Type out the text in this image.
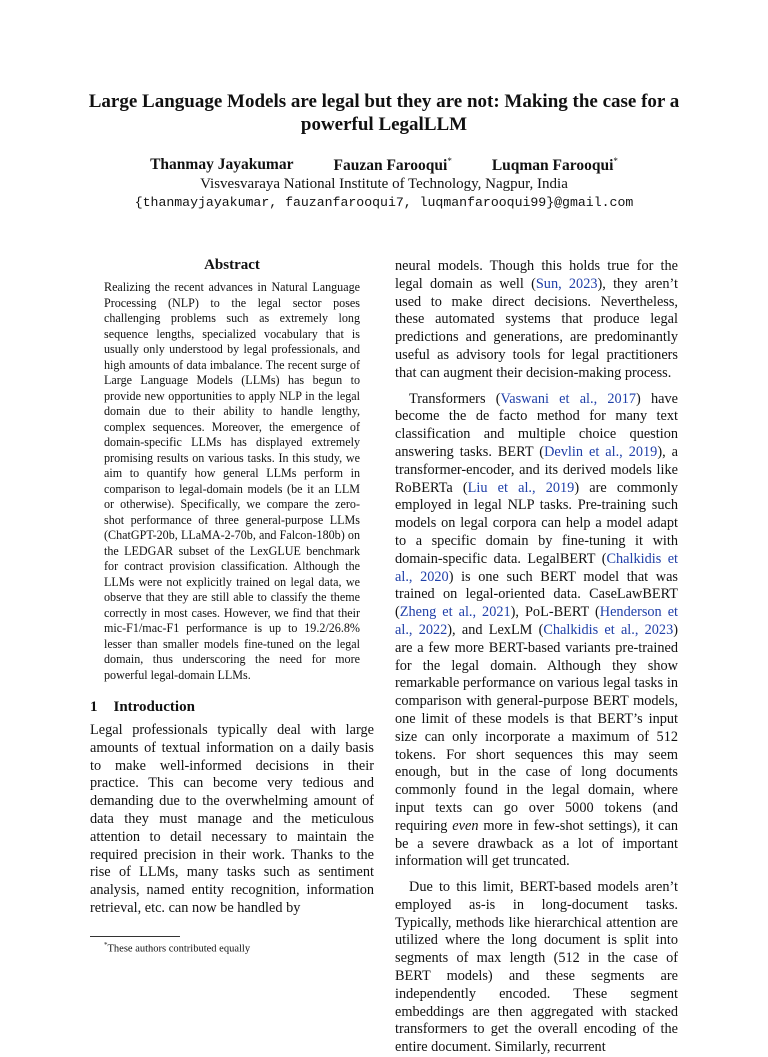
Large Language Models are legal but they are not: Making the case for a powerful LegalLLM
Thanmay Jayakumar	Fauzan Farooqui*	Luqman Farooqui*
Visvesvaraya National Institute of Technology, Nagpur, India
{thanmayjayakumar, fauzanfarooqui7, luqmanfarooqui99}@gmail.com
Abstract
Realizing the recent advances in Natural Language Processing (NLP) to the legal sector poses challenging problems such as extremely long sequence lengths, specialized vocabulary that is usually only understood by legal professionals, and high amounts of data imbalance. The recent surge of Large Language Models (LLMs) has begun to provide new opportunities to apply NLP in the legal domain due to their ability to handle lengthy, complex sequences. Moreover, the emergence of domain-specific LLMs has displayed extremely promising results on various tasks. In this study, we aim to quantify how general LLMs perform in comparison to legal-domain models (be it an LLM or otherwise). Specifically, we compare the zero-shot performance of three general-purpose LLMs (ChatGPT-20b, LLaMA-2-70b, and Falcon-180b) on the LEDGAR subset of the LexGLUE benchmark for contract provision classification. Although the LLMs were not explicitly trained on legal data, we observe that they are still able to classify the theme correctly in most cases. However, we find that their mic-F1/mac-F1 performance is up to 19.2/26.8% lesser than smaller models fine-tuned on the legal domain, thus underscoring the need for more powerful legal-domain LLMs.
1 Introduction

Legal professionals typically deal with large amounts of textual information on a daily basis to make well-informed decisions in their practice. This can become very tedious and demanding due to the overwhelming amount of data they must manage and the meticulous attention to detail necessary to maintain the required precision in their work. Thanks to the rise of LLMs, many tasks such as sentiment analysis, named entity recognition, information retrieval, etc. can now be handled by

*These authors contributed equally

neural models. Though this holds true for the legal domain as well (Sun, 2023), they aren’t used to make direct decisions. Nevertheless, these automated systems that produce legal predictions and generations, are predominantly useful as advisory tools for legal practitioners that can augment their decision-making process.

Transformers (Vaswani et al., 2017) have become the de facto method for many text classification and multiple choice question answering tasks. BERT (Devlin et al., 2019), a transformer-encoder, and its derived models like RoBERTa (Liu et al., 2019) are commonly employed in legal NLP tasks. Pre-training such models on legal corpora can help a model adapt to a specific domain by fine-tuning it with domain-specific data. LegalBERT (Chalkidis et al., 2020) is one such BERT model that was trained on legal-oriented data. CaseLawBERT (Zheng et al., 2021), PoL-BERT (Henderson et al., 2022), and LexLM (Chalkidis et al., 2023) are a few more BERT-based variants pre-trained for the legal domain. Although they show remarkable performance on various legal tasks in comparison with general-purpose BERT models, one limit of these models is that BERT’s input size can only incorporate a maximum of 512 tokens. For short sequences this may seem enough, but in the case of long documents commonly found in the legal domain, where input texts can go over 5000 tokens (and requiring even more in few-shot settings), it can be a severe drawback as a lot of important information will get truncated.

Due to this limit, BERT-based models aren’t employed as-is in long-document tasks. Typically, methods like hierarchical attention are utilized where the long document is split into segments of max length (512 in the case of BERT models) and these segments are independently encoded. These segment embeddings are then aggregated with stacked transformers to get the overall encoding of the entire document. Similarly, recurrent
